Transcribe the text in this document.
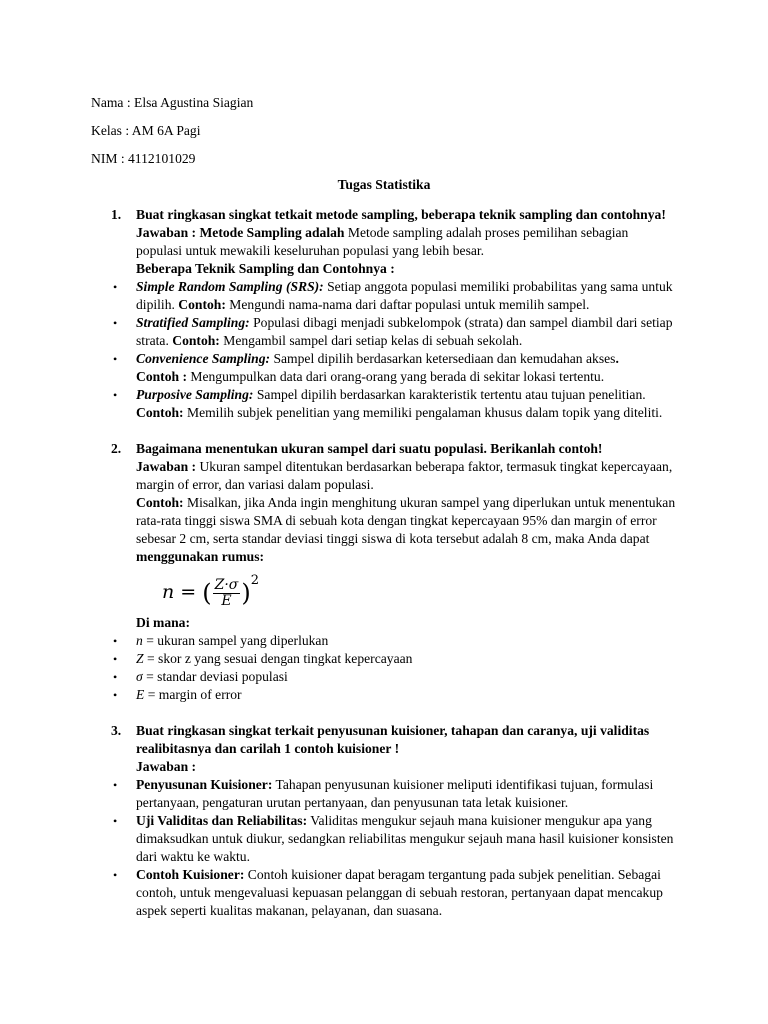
Nama : Elsa Agustina Siagian
Kelas : AM 6A Pagi
NIM : 4112101029
Tugas Statistika
1. Buat ringkasan singkat tetkait metode sampling, beberapa teknik sampling dan contohnya!
Jawaban : Metode Sampling adalah Metode sampling adalah proses pemilihan sebagian
populasi untuk mewakili keseluruhan populasi yang lebih besar.
Beberapa Teknik Sampling dan Contohnya :
• Simple Random Sampling (SRS): Setiap anggota populasi memiliki probabilitas yang sama untuk
dipilih. Contoh: Mengundi nama-nama dari daftar populasi untuk memilih sampel.
• Stratified Sampling: Populasi dibagi menjadi subkelompok (strata) dan sampel diambil dari setiap
strata. Contoh: Mengambil sampel dari setiap kelas di sebuah sekolah.
• Convenience Sampling: Sampel dipilih berdasarkan ketersediaan dan kemudahan akses.
Contoh : Mengumpulkan data dari orang-orang yang berada di sekitar lokasi tertentu.
• Purposive Sampling: Sampel dipilih berdasarkan karakteristik tertentu atau tujuan penelitian.
Contoh: Memilih subjek penelitian yang memiliki pengalaman khusus dalam topik yang diteliti.
2. Bagaimana menentukan ukuran sampel dari suatu populasi. Berikanlah contoh!
Jawaban : Ukuran sampel ditentukan berdasarkan beberapa faktor, termasuk tingkat kepercayaan,
margin of error, dan variasi dalam populasi.
Contoh: Misalkan, jika Anda ingin menghitung ukuran sampel yang diperlukan untuk menentukan
rata-rata tinggi siswa SMA di sebuah kota dengan tingkat kepercayaan 95% dan margin of error
sebesar 2 cm, serta standar deviasi tinggi siswa di kota tersebut adalah 8 cm, maka Anda dapat
menggunakan rumus:
n = ( $\frac{Z\cdot\sigma}{E} )^2$
Di mana:
• n = ukuran sampel yang diperlukan
• Z = skor z yang sesuai dengan tingkat kepercayaan
• σ = standar deviasi populasi
• E = margin of error
3. Buat ringkasan singkat terkait penyusunan kuisioner, tahapan dan caranya, uji validitas
realibitasnya dan carilah 1 contoh kuisioner !
Jawaban :
• Penyusunan Kuisioner: Tahapan penyusunan kuisioner meliputi identifikasi tujuan, formulasi
pertanyaan, pengaturan urutan pertanyaan, dan penyusunan tata letak kuisioner.
• Uji Validitas dan Reliabilitas: Validitas mengukur sejauh mana kuisioner mengukur apa yang
dimaksudkan untuk diukur, sedangkan reliabilitas mengukur sejauh mana hasil kuisioner konsisten
dari waktu ke waktu.
• Contoh Kuisioner: Contoh kuisioner dapat beragam tergantung pada subjek penelitian. Sebagai
contoh, untuk mengevaluasi kepuasan pelanggan di sebuah restoran, pertanyaan dapat mencakup
aspek seperti kualitas makanan, pelayanan, dan suasana.
